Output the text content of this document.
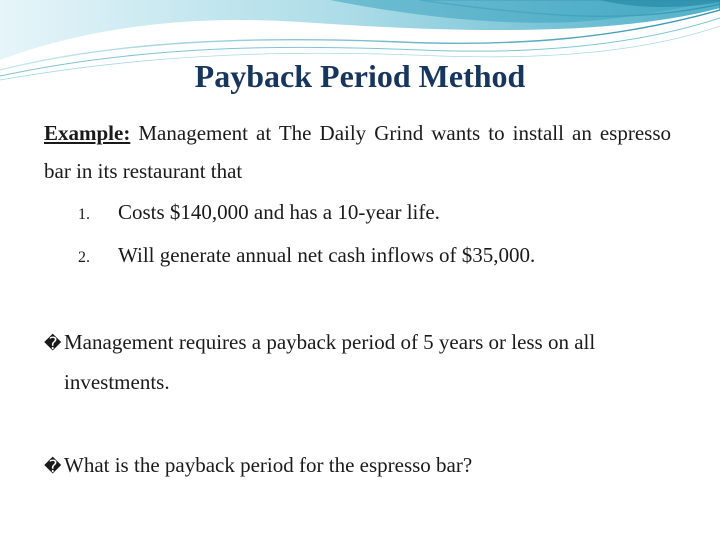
Payback Period Method
Example: Management at The Daily Grind wants to install an espresso bar in its restaurant that
1. Costs $140,000 and has a 10-year life.
2. Will generate annual net cash inflows of $35,000.
� Management requires a payback period of 5 years or less on all
investments.
� What is the payback period for the espresso bar?
